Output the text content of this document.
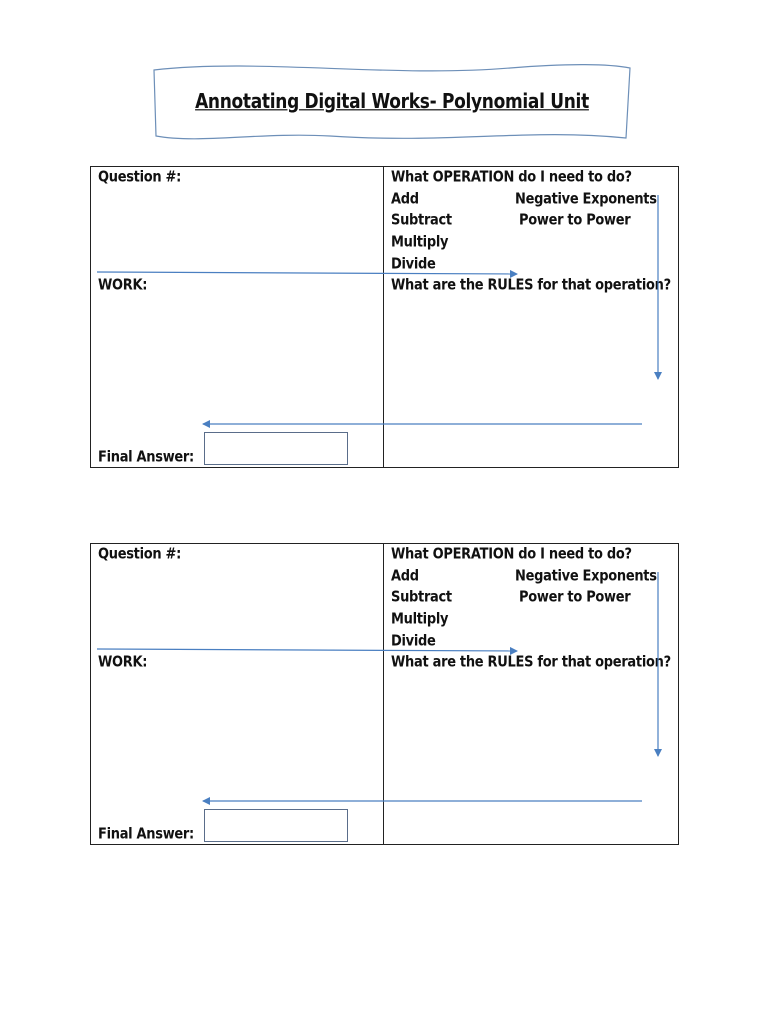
Annotating Digital Works- Polynomial Unit
Question #:	What OPERATION do I need to do?
Add
Subtract
Multiply
Divide
Negative Exponents
Power to Power
WORK:	What are the RULES for that operation?
Final Answer:
Question #:	What OPERATION do I need to do?
Add
Subtract
Multiply
Divide
Negative Exponents
Power to Power
WORK:	What are the RULES for that operation?
Final Answer:
